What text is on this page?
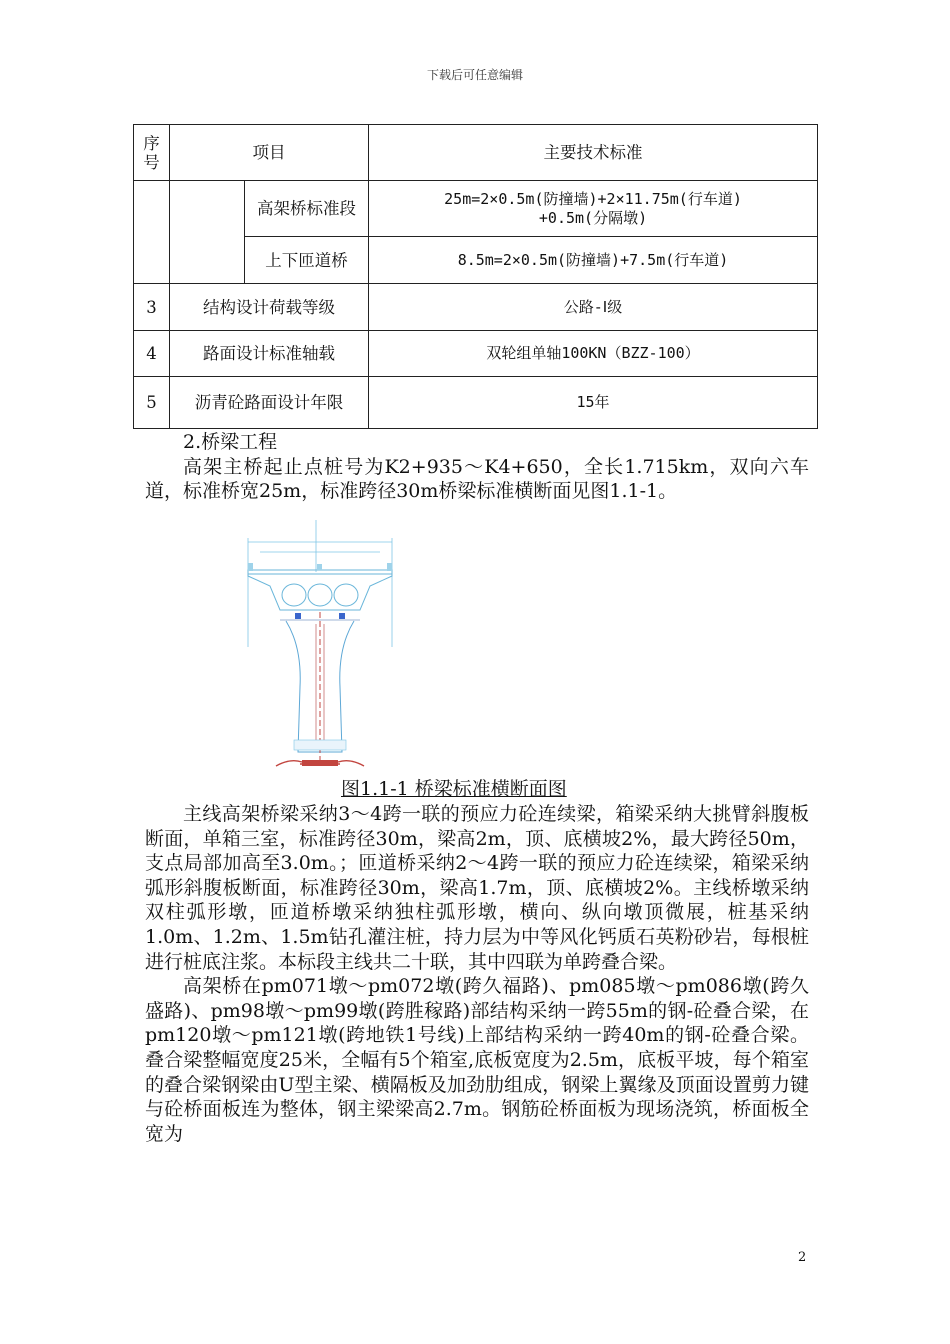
下载后可任意编辑
序号	项目		主要技术标准
		高架桥标准段	25m=2×0.5m(防撞墙)+2×11.75m(行车道)
+0.5m(分隔墩)

		上下匝道桥	8.5m=2×0.5m(防撞墙)+7.5m(行车道)
3	结构设计荷载等级		公路-Ⅰ级
4	路面设计标准轴载		双轮组单轴100KN（BZZ-100）
5	沥青砼路面设计年限		15年

2.桥梁工程

高架主桥起止点桩号为K2+935～K4+650，全长1.715km，双向六车道，标准桥宽25m，标准跨径30m桥梁标准横断面见图1.1-1。

图1.1-1 桥梁标准横断面图

主线高架桥梁采纳3～4跨一联的预应力砼连续梁，箱梁采纳大挑臂斜腹板断面，单箱三室，标准跨径30m，梁高2m，顶、底横坡2%，最大跨径50m，支点局部加高至3.0m。；匝道桥采纳2～4跨一联的预应力砼连续梁，箱梁采纳弧形斜腹板断面，标准跨径30m，梁高1.7m，顶、底横坡2%。主线桥墩采纳双柱弧形墩，匝道桥墩采纳独柱弧形墩，横向、纵向墩顶微展，桩基采纳1.0m、1.2m、1.5m钻孔灌注桩，持力层为中等风化钙质石英粉砂岩，每根桩进行桩底注浆。本标段主线共二十联，其中四联为单跨叠合梁。

高架桥在pm071墩～pm072墩(跨久福路)、pm085墩～pm086墩(跨久盛路)、pm98墩～pm99墩(跨胜稼路)部结构采纳一跨55m的钢-砼叠合梁，在pm120墩～pm121墩(跨地铁1号线)上部结构采纳一跨40m的钢-砼叠合梁。叠合梁整幅宽度25米，全幅有5个箱室,底板宽度为2.5m，底板平坡，每个箱室的叠合梁钢梁由U型主梁、横隔板及加劲肋组成，钢梁上翼缘及顶面设置剪力键与砼桥面板连为整体，钢主梁梁高2.7m。钢筋砼桥面板为现场浇筑，桥面板全宽为

2
